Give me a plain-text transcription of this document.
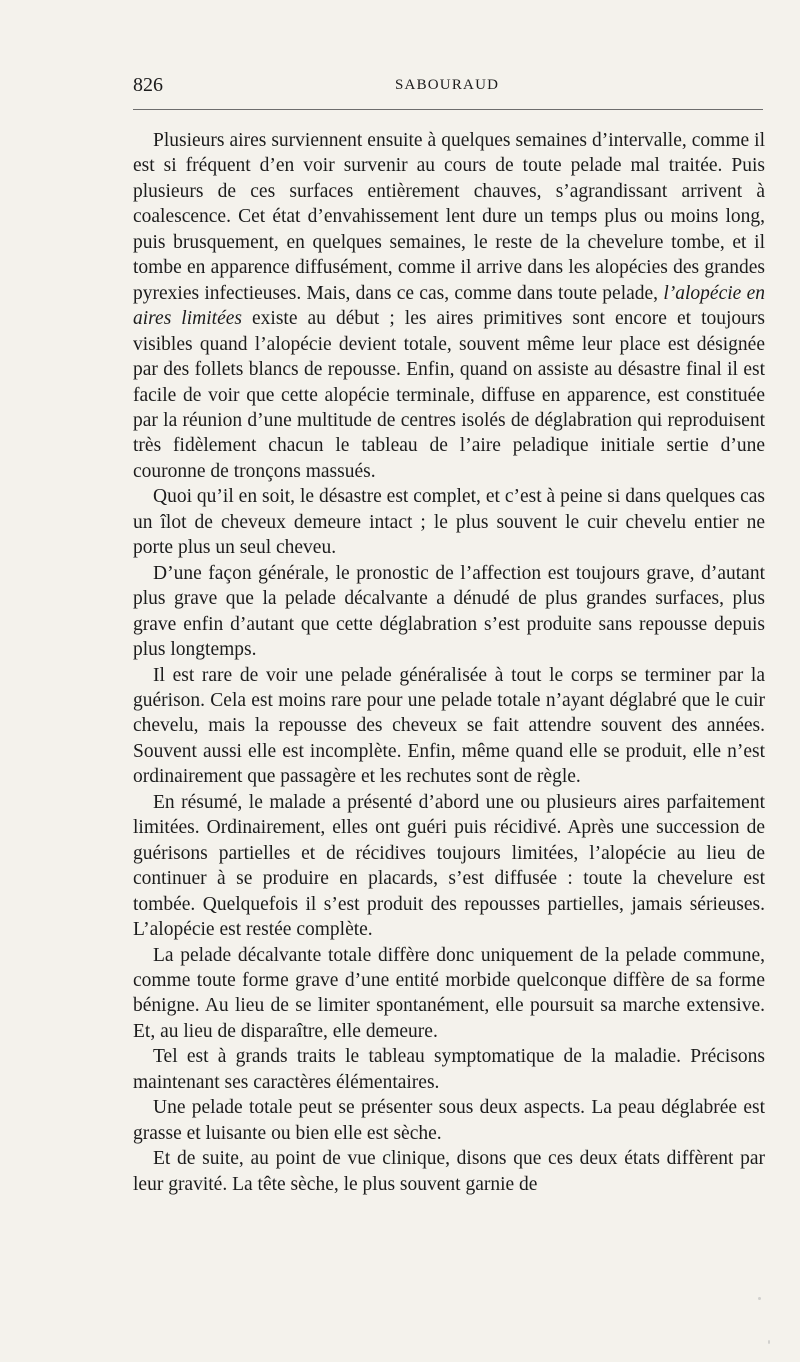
826	SABOURAUD

Plusieurs aires surviennent ensuite à quelques semaines d’intervalle, comme il est si fréquent d’en voir survenir au cours de toute pelade mal traitée. Puis plusieurs de ces surfaces entièrement chauves, s’agrandissant arrivent à coalescence. Cet état d’envahissement lent dure un temps plus ou moins long, puis brusquement, en quelques semaines, le reste de la chevelure tombe, et il tombe en apparence diffusément, comme il arrive dans les alopécies des grandes pyrexies infectieuses. Mais, dans ce cas, comme dans toute pelade, l’alopécie en aires limitées existe au début ; les aires primitives sont encore et toujours visibles quand l’alopécie devient totale, souvent même leur place est désignée par des follets blancs de repousse. Enfin, quand on assiste au désastre final il est facile de voir que cette alopécie terminale, diffuse en apparence, est constituée par la réunion d’une multitude de centres isolés de déglabration qui reproduisent très fidèlement chacun le tableau de l’aire peladique initiale sertie d’une couronne de tronçons massués.

Quoi qu’il en soit, le désastre est complet, et c’est à peine si dans quelques cas un îlot de cheveux demeure intact ; le plus souvent le cuir chevelu entier ne porte plus un seul cheveu.

D’une façon générale, le pronostic de l’affection est toujours grave, d’autant plus grave que la pelade décalvante a dénudé de plus grandes surfaces, plus grave enfin d’autant que cette déglabration s’est produite sans repousse depuis plus longtemps.

Il est rare de voir une pelade généralisée à tout le corps se terminer par la guérison. Cela est moins rare pour une pelade totale n’ayant déglabré que le cuir chevelu, mais la repousse des cheveux se fait attendre souvent des années. Souvent aussi elle est incomplète. Enfin, même quand elle se produit, elle n’est ordinairement que passagère et les rechutes sont de règle.

En résumé, le malade a présenté d’abord une ou plusieurs aires parfaitement limitées. Ordinairement, elles ont guéri puis récidivé. Après une succession de guérisons partielles et de récidives toujours limitées, l’alopécie au lieu de continuer à se produire en placards, s’est diffusée : toute la chevelure est tombée. Quelquefois il s’est produit des repousses partielles, jamais sérieuses. L’alopécie est restée complète.

La pelade décalvante totale diffère donc uniquement de la pelade commune, comme toute forme grave d’une entité morbide quelconque diffère de sa forme bénigne. Au lieu de se limiter spontanément, elle poursuit sa marche extensive. Et, au lieu de disparaître, elle demeure.

Tel est à grands traits le tableau symptomatique de la maladie. Précisons maintenant ses caractères élémentaires.

Une pelade totale peut se présenter sous deux aspects. La peau déglabrée est grasse et luisante ou bien elle est sèche.

Et de suite, au point de vue clinique, disons que ces deux états diffèrent par leur gravité. La tête sèche, le plus souvent garnie de
